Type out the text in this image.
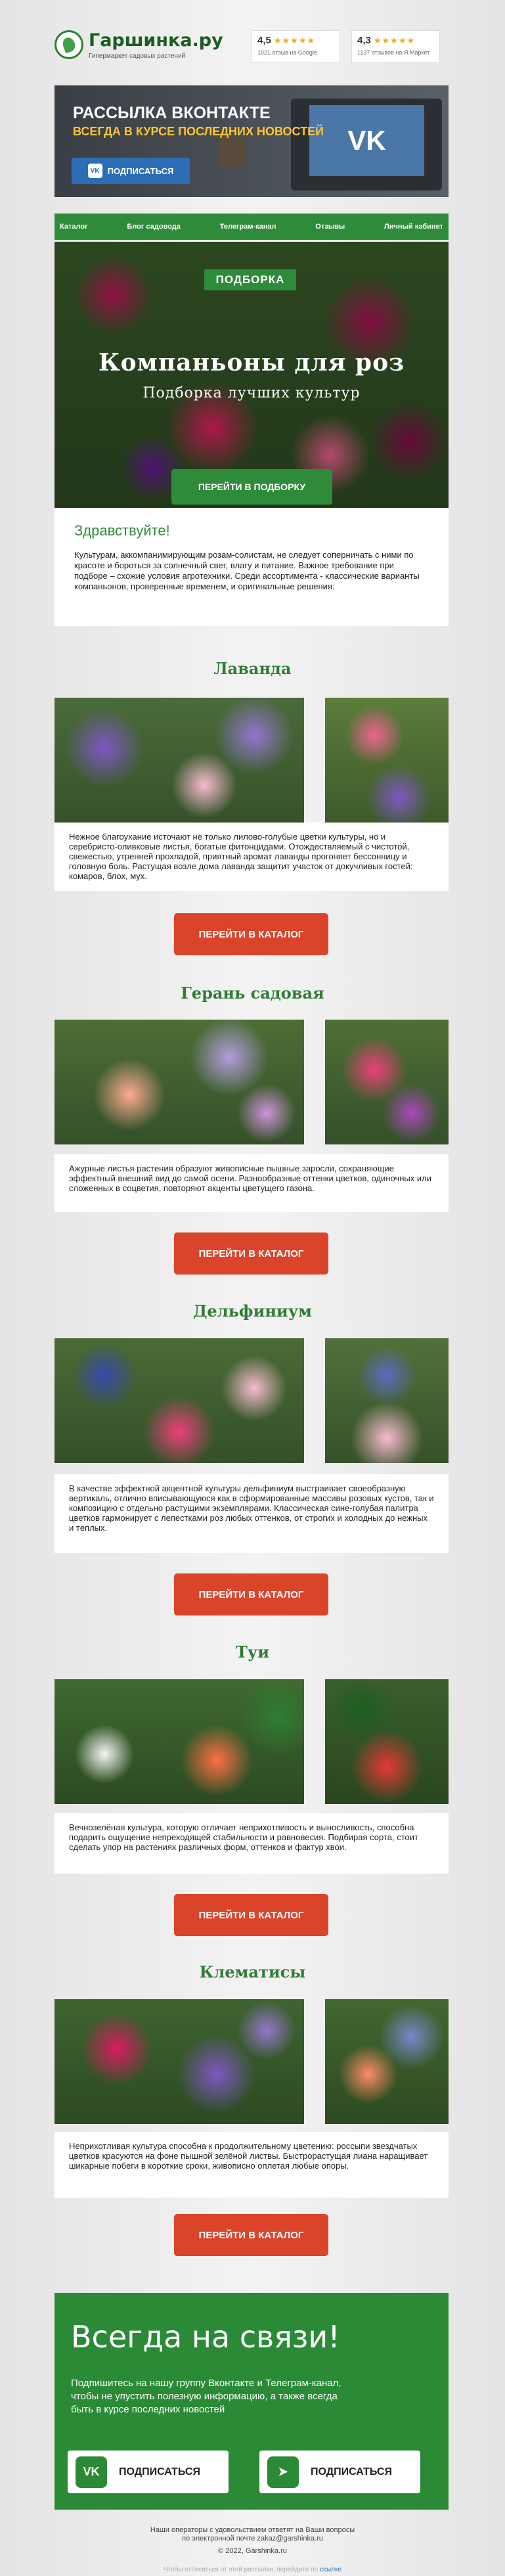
Гаршинка.ру
Гипермаркет садовых растений
4,5 ★★★★★
1021 отзыв на Google
4,3 ★★★★★
1137 отзывов на Я.Маркет
VK
РАССЫЛКА ВКОНТАКТЕ
ВСЕГДА В КУРСЕ ПОСЛЕДНИХ НОВОСТЕЙ
VK ПОДПИСАТЬСЯ
Каталог	Блог садовода	Телеграм-канал	Отзывы	Личный кабинет
ПОДБОРКА
Компаньоны для роз
Подборка лучших культур
ПЕРЕЙТИ В ПОДБОРКУ
Здравствуйте!

Культурам, аккомпанимирующим розам-солистам, не следует соперничать с ними по красоте и бороться за солнечный свет, влагу и питание. Важное требование при подборе – схожие условия агротехники. Среди ассортимента - классические варианты компаньонов, проверенные временем, и оригинальные решения:

Лаванда
Нежное благоухание источают не только лилово-голубые цветки культуры, но и серебристо-оливковые листья, богатые фитонцидами. Отождествляемый с чистотой, свежестью, утренней прохладой, приятный аромат лаванды прогоняет бессонницу и головную боль. Растущая возле дома лаванда защитит участок от докучливых гостей: комаров, блох, мух.
ПЕРЕЙТИ В КАТАЛОГ
Герань садовая
Ажурные листья растения образуют живописные пышные заросли, сохраняющие эффектный внешний вид до самой осени. Разнообразные оттенки цветков, одиночных или сложенных в соцветия, повторяют акценты цветущего газона.
ПЕРЕЙТИ В КАТАЛОГ
Дельфиниум
В качестве эффектной акцентной культуры дельфиниум выстраивает своеобразную вертикаль, отлично вписывающуюся как в сформированные массивы розовых кустов, так и композицию с отдельно растущими экземплярами. Классическая сине-голубая палитра цветков гармонирует с лепестками роз любых оттенков, от строгих и холодных до нежных и тёплых.
ПЕРЕЙТИ В КАТАЛОГ
Туи
Вечнозелёная культура, которую отличает неприхотливость и выносливость, способна подарить ощущение непреходящей стабильности и равновесия. Подбирая сорта, стоит сделать упор на растениях различных форм, оттенков и фактур хвои.
ПЕРЕЙТИ В КАТАЛОГ
Клематисы
Неприхотливая культура способна к продолжительному цветению: россыпи звездчатых цветков красуются на фоне пышной зелёной листвы. Быстрорастущая лиана наращивает шикарные побеги в короткие сроки, живописно оплетая любые опоры.
ПЕРЕЙТИ В КАТАЛОГ
Всегда на связи!
Подпишитесь на нашу группу Вконтакте и Телеграм-канал, чтобы не упустить полезную информацию, а также всегда быть в курсе последних новостей
VK	ПОДПИСАТЬСЯ	➤	ПОДПИСАТЬСЯ
Наши операторы с удовольствием ответят на Ваши вопросы
по электронной почте zakaz@garshinka.ru
© 2022, Garshinka.ru
Чтобы отписаться от этой рассылки, перейдите по ссылке
